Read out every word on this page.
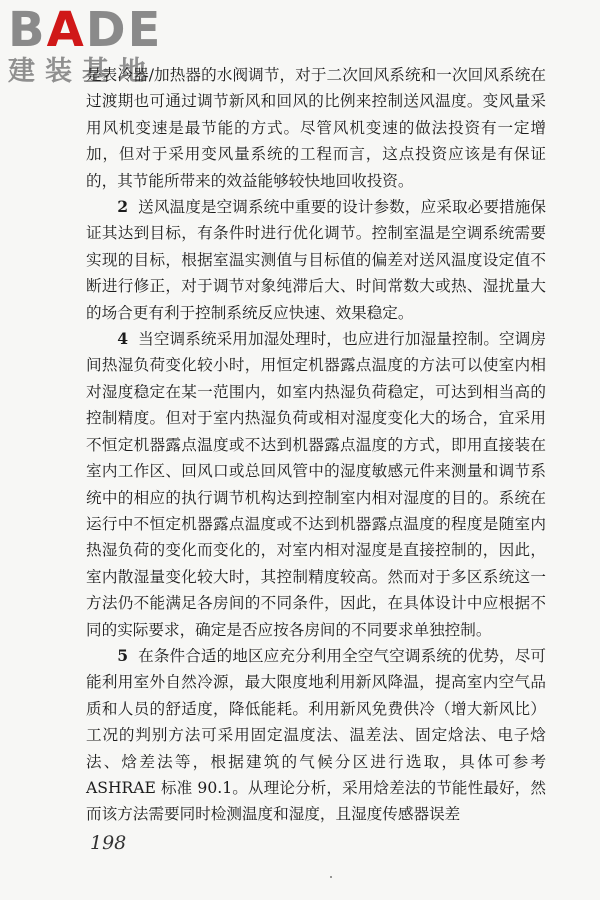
BADE
建装基地

是表冷器/加热器的水阀调节，对于二次回风系统和一次回风系统在过渡期也可通过调节新风和回风的比例来控制送风温度。变风量采用风机变速是最节能的方式。尽管风机变速的做法投资有一定增加，但对于采用变风量系统的工程而言，这点投资应该是有保证的，其节能所带来的效益能够较快地回收投资。

2 送风温度是空调系统中重要的设计参数，应采取必要措施保证其达到目标，有条件时进行优化调节。控制室温是空调系统需要实现的目标，根据室温实测值与目标值的偏差对送风温度设定值不断进行修正，对于调节对象纯滞后大、时间常数大或热、湿扰量大的场合更有利于控制系统反应快速、效果稳定。

4 当空调系统采用加湿处理时，也应进行加湿量控制。空调房间热湿负荷变化较小时，用恒定机器露点温度的方法可以使室内相对湿度稳定在某一范围内，如室内热湿负荷稳定，可达到相当高的控制精度。但对于室内热湿负荷或相对湿度变化大的场合，宜采用不恒定机器露点温度或不达到机器露点温度的方式，即用直接装在室内工作区、回风口或总回风管中的湿度敏感元件来测量和调节系统中的相应的执行调节机构达到控制室内相对湿度的目的。系统在运行中不恒定机器露点温度或不达到机器露点温度的程度是随室内热湿负荷的变化而变化的，对室内相对湿度是直接控制的，因此，室内散湿量变化较大时，其控制精度较高。然而对于多区系统这一方法仍不能满足各房间的不同条件，因此，在具体设计中应根据不同的实际要求，确定是否应按各房间的不同要求单独控制。

5 在条件合适的地区应充分利用全空气空调系统的优势，尽可能利用室外自然冷源，最大限度地利用新风降温，提高室内空气品质和人员的舒适度，降低能耗。利用新风免费供冷（增大新风比）工况的判别方法可采用固定温度法、温差法、固定焓法、电子焓法、焓差法等，根据建筑的气候分区进行选取，具体可参考 ASHRAE 标准 90.1。从理论分析，采用焓差法的节能性最好，然而该方法需要同时检测温度和湿度，且湿度传感器误差

198
